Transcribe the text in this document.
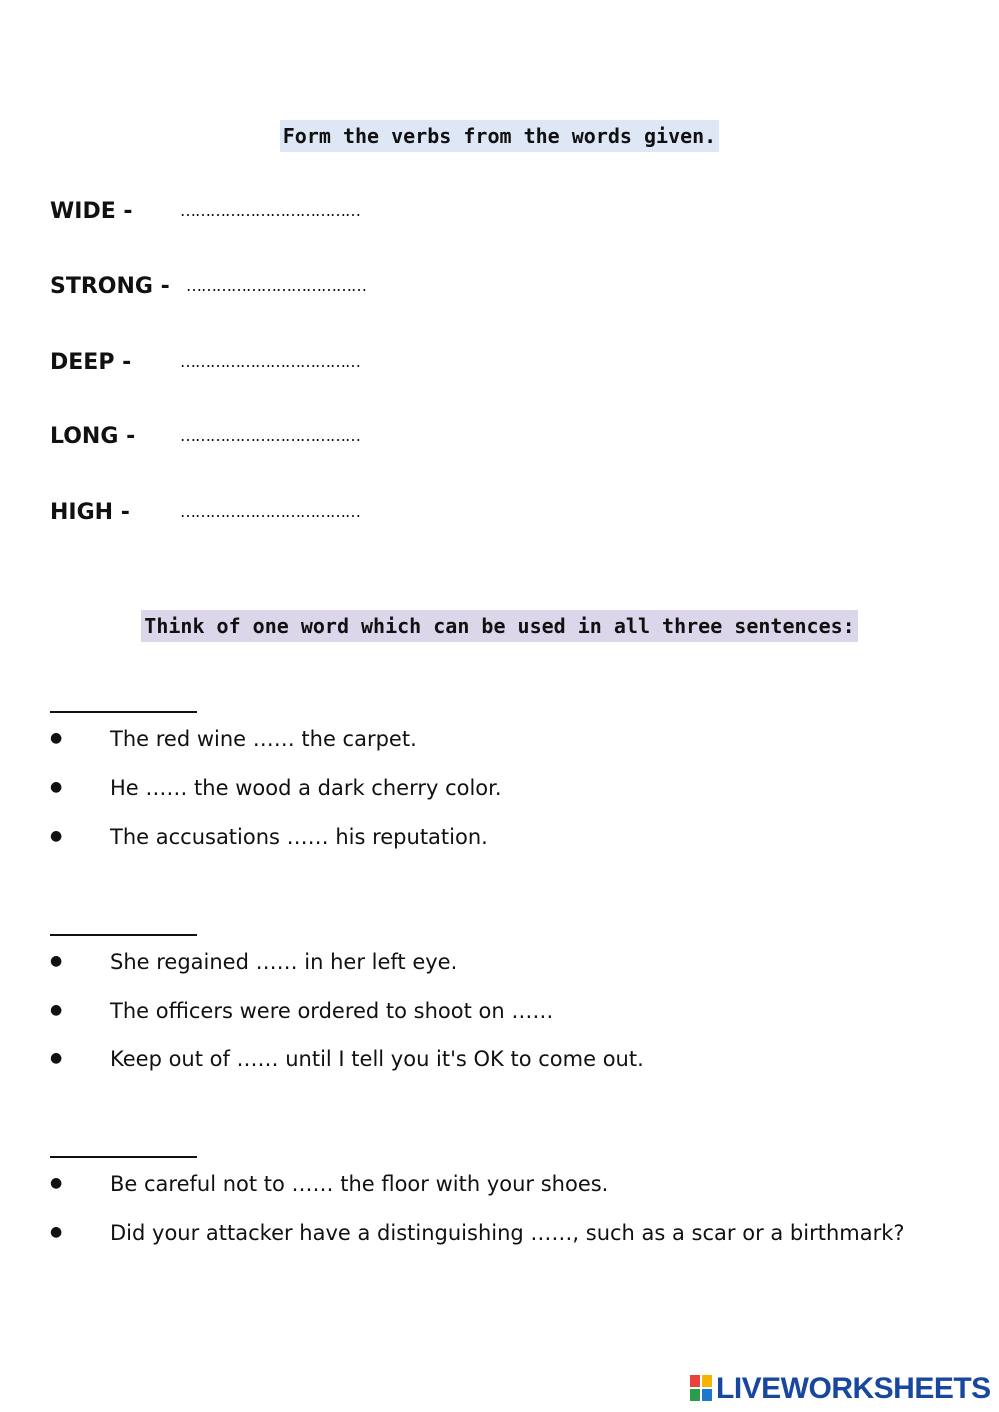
Form the verbs from the words given.
WIDE -	………………………………
STRONG - ………………………………
DEEP -	………………………………
LONG -	………………………………
HIGH -	………………………………
Think of one word which can be used in all three sentences:
● The red wine …… the carpet.
● He …… the wood a dark cherry color.
● The accusations …… his reputation.
● She regained …… in her left eye.
● The officers were ordered to shoot on ……
● Keep out of …… until I tell you it's OK to come out.
● Be careful not to …… the floor with your shoes.
● Did your attacker have a distinguishing ……, such as a scar or a birthmark?
LIVEWORKSHEETS
